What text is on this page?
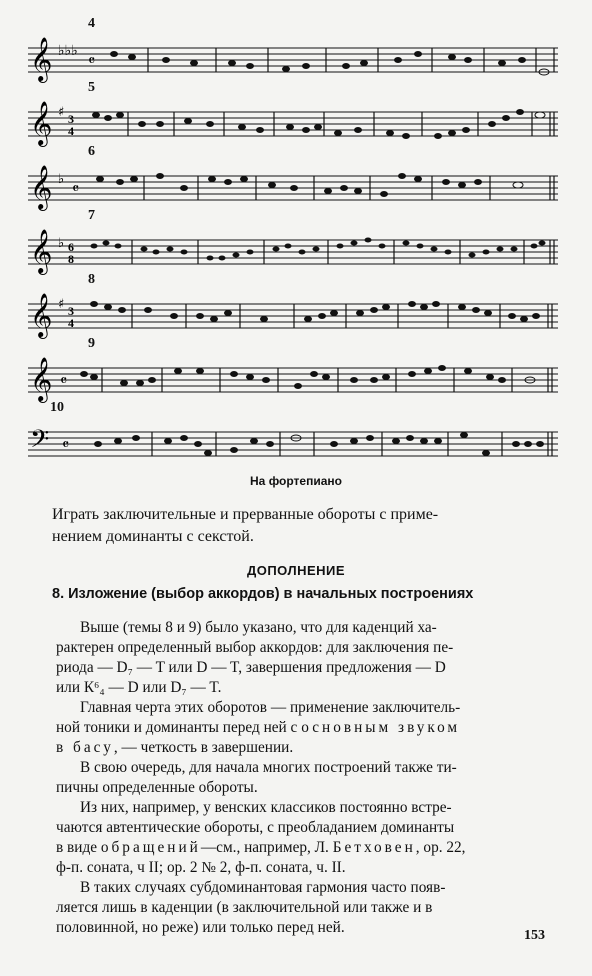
4
𝄞 ♭♭♭ 𝄴
5
𝄞 ♯ 3
4
6
𝄞 ♭ 𝄴
7
𝄞 ♭ 6
8
8
𝄞 ♯ 3
4
9
𝄞 𝄴
10
𝄢 𝄴
На фортепиано

Играть заключительные и прерванные обороты с приме-

нением доминанты с секстой.

ДОПОЛНЕНИЕ
8. Изложение (выбор аккордов) в начальных построениях

Выше (темы 8 и 9) было указано, что для каденций ха-

рактерен определенный выбор аккордов: для заключения пе-

риода — D₇ — T или D — T, завершения предложения — D

или К⁶₄ — D или D₇ — T.

Главная черта этих оборотов — применение заключитель-

ной тоники и доминанты перед ней с основным звуком

в басу, — четкость в завершении.

В свою очередь, для начала многих построений также ти-

пичны определенные обороты.

Из них, например, у венских классиков постоянно встре-

чаются автентические обороты, с преобладанием доминанты

в виде обращений—см., например, Л. Бетховен, ор. 22,

ф-п. соната, ч II; ор. 2 № 2, ф-п. соната, ч. II.

В таких случаях субдоминантовая гармония часто появ-

ляется лишь в каденции (в заключительной или также и в

половинной, но реже) или только перед ней.	153
